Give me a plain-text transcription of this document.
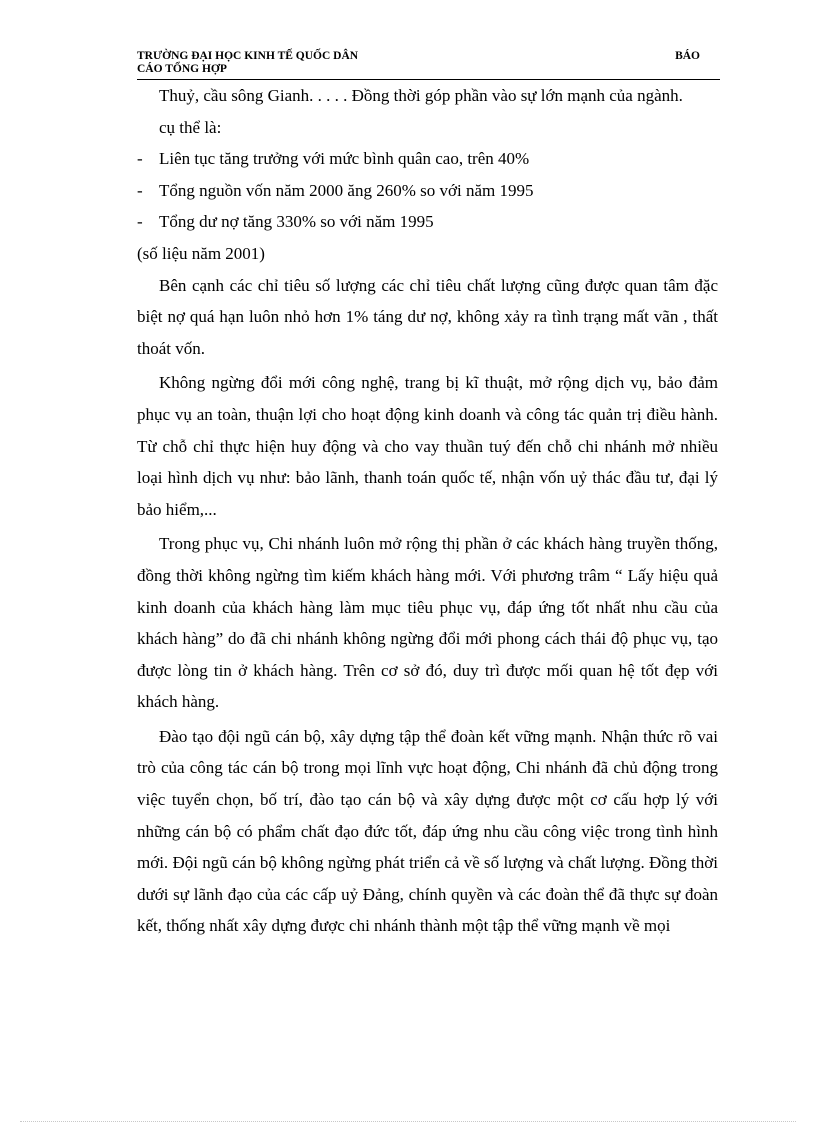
TRƯỜNG ĐẠI HỌC KINH TẾ QUỐC DÂN	BÁO
CÁO TỔNG HỢP

Thuỷ, cầu sông Gianh. . . . . Đồng thời góp phần vào sự lớn mạnh của ngành.

cụ thể là:

- Liên tục tăng trưởng với mức bình quân cao, trên 40%
- Tổng nguồn vốn năm 2000 ăng 260% so với năm 1995
- Tổng dư nợ tăng 330% so với năm 1995

(số liệu năm 2001)

Bên cạnh các chỉ tiêu số lượng các chỉ tiêu chất lượng cũng được quan tâm đặc biệt nợ quá hạn luôn nhỏ hơn 1% táng dư nợ, không xảy ra tình trạng mất vãn , thất thoát vốn.

Không ngừng đổi mới công nghệ, trang bị kĩ thuật, mở rộng dịch vụ, bảo đảm phục vụ an toàn, thuận lợi cho hoạt động kinh doanh và công tác quản trị điều hành. Từ chỗ chỉ thực hiện huy động và cho vay thuần tuý đến chỗ chi nhánh mở nhiều loại hình dịch vụ như: bảo lãnh, thanh toán quốc tế, nhận vốn uỷ thác đầu tư, đại lý bảo hiểm,...

Trong phục vụ, Chi nhánh luôn mở rộng thị phần ở các khách hàng truyền thống, đồng thời không ngừng tìm kiếm khách hàng mới. Với phương trâm “ Lấy hiệu quả kinh doanh của khách hàng làm mục tiêu phục vụ, đáp ứng tốt nhất nhu cầu của khách hàng” do đã chi nhánh không ngừng đổi mới phong cách thái độ phục vụ, tạo được lòng tin ở khách hàng. Trên cơ sở đó, duy trì được mối quan hệ tốt đẹp với khách hàng.

Đào tạo đội ngũ cán bộ, xây dựng tập thể đoàn kết vững mạnh. Nhận thức rõ vai trò của công tác cán bộ trong mọi lĩnh vực hoạt động, Chi nhánh đã chủ động trong việc tuyển chọn, bố trí, đào tạo cán bộ và xây dựng được một cơ cấu hợp lý với những cán bộ có phẩm chất đạo đức tốt, đáp ứng nhu cầu công việc trong tình hình mới. Đội ngũ cán bộ không ngừng phát triển cả về số lượng và chất lượng. Đồng thời dưới sự lãnh đạo của các cấp uỷ Đảng, chính quyền và các đoàn thể đã thực sự đoàn kết, thống nhất xây dựng được chi nhánh thành một tập thể vững mạnh về mọi
